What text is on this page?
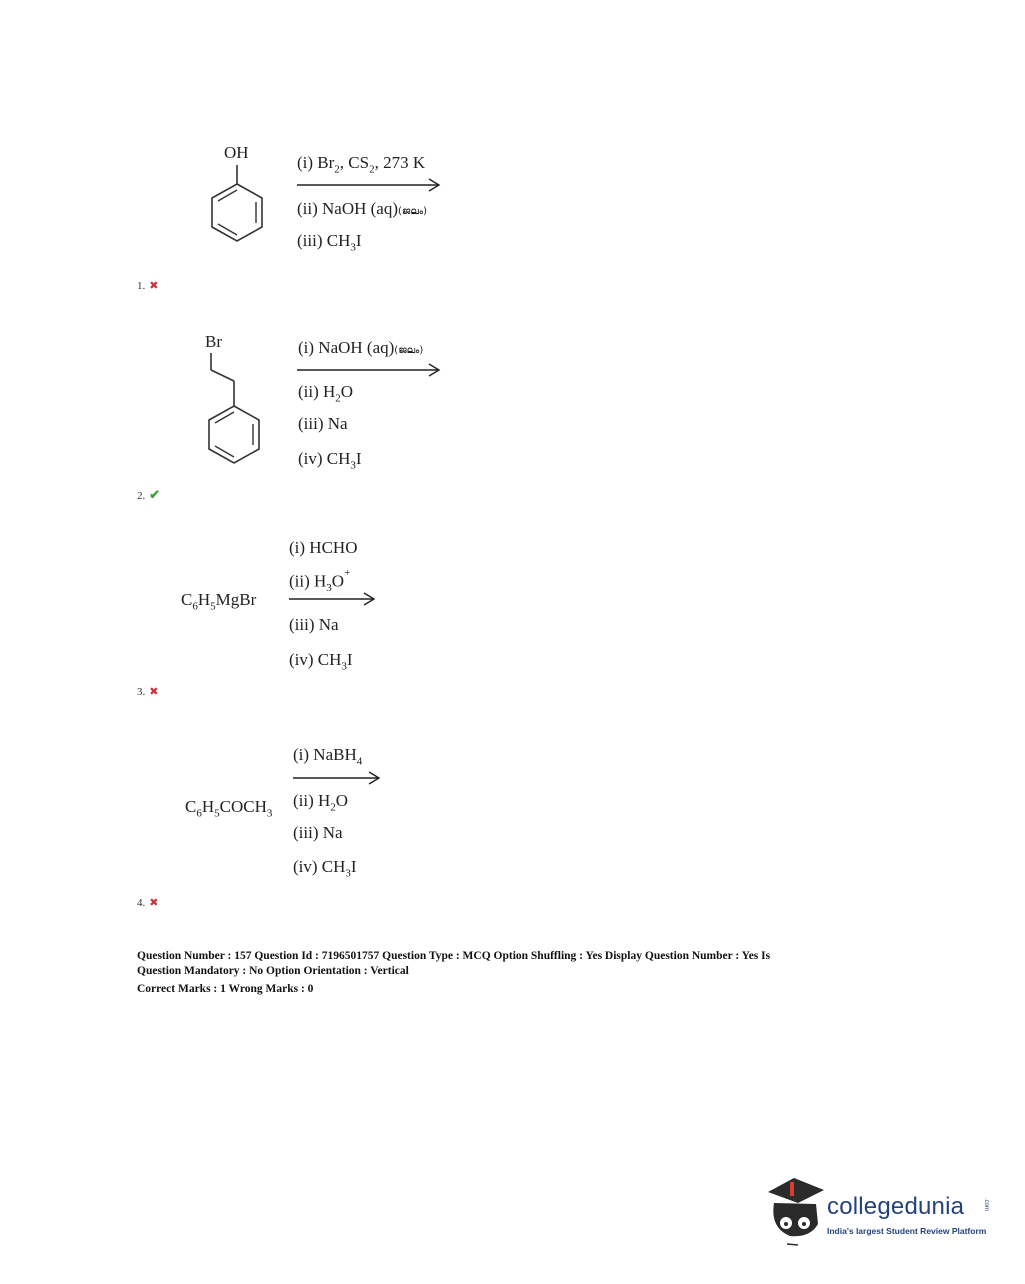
OH
(i) $Br_2$, $CS_2$, 273 K
(ii) NaOH (aq)(ജലം)
(iii) $CH_3I$
1. ✖
Br	(i) NaOH (aq)(ജലം)
(ii) $H_2O$
(iii) Na
(iv) $CH_3I$
2. ✔
(i) HCHO
(ii) $H_3O^+$
$C_6H_5MgBr$
(iii) Na
(iv) $CH_3I$
3. ✖
(i) NaBH$_4$
$C_6H_5COCH_3$
(ii) $H_2O$
(iii) Na
(iv) $CH_3I$
4. ✖
Question Number : 157 Question Id : 7196501757 Question Type : MCQ Option Shuffling : Yes Display Question Number : Yes Is
Question Mandatory : No Option Orientation : Vertical
Correct Marks : 1 Wrong Marks : 0
collegedunia	.com
India's largest Student Review Platform
